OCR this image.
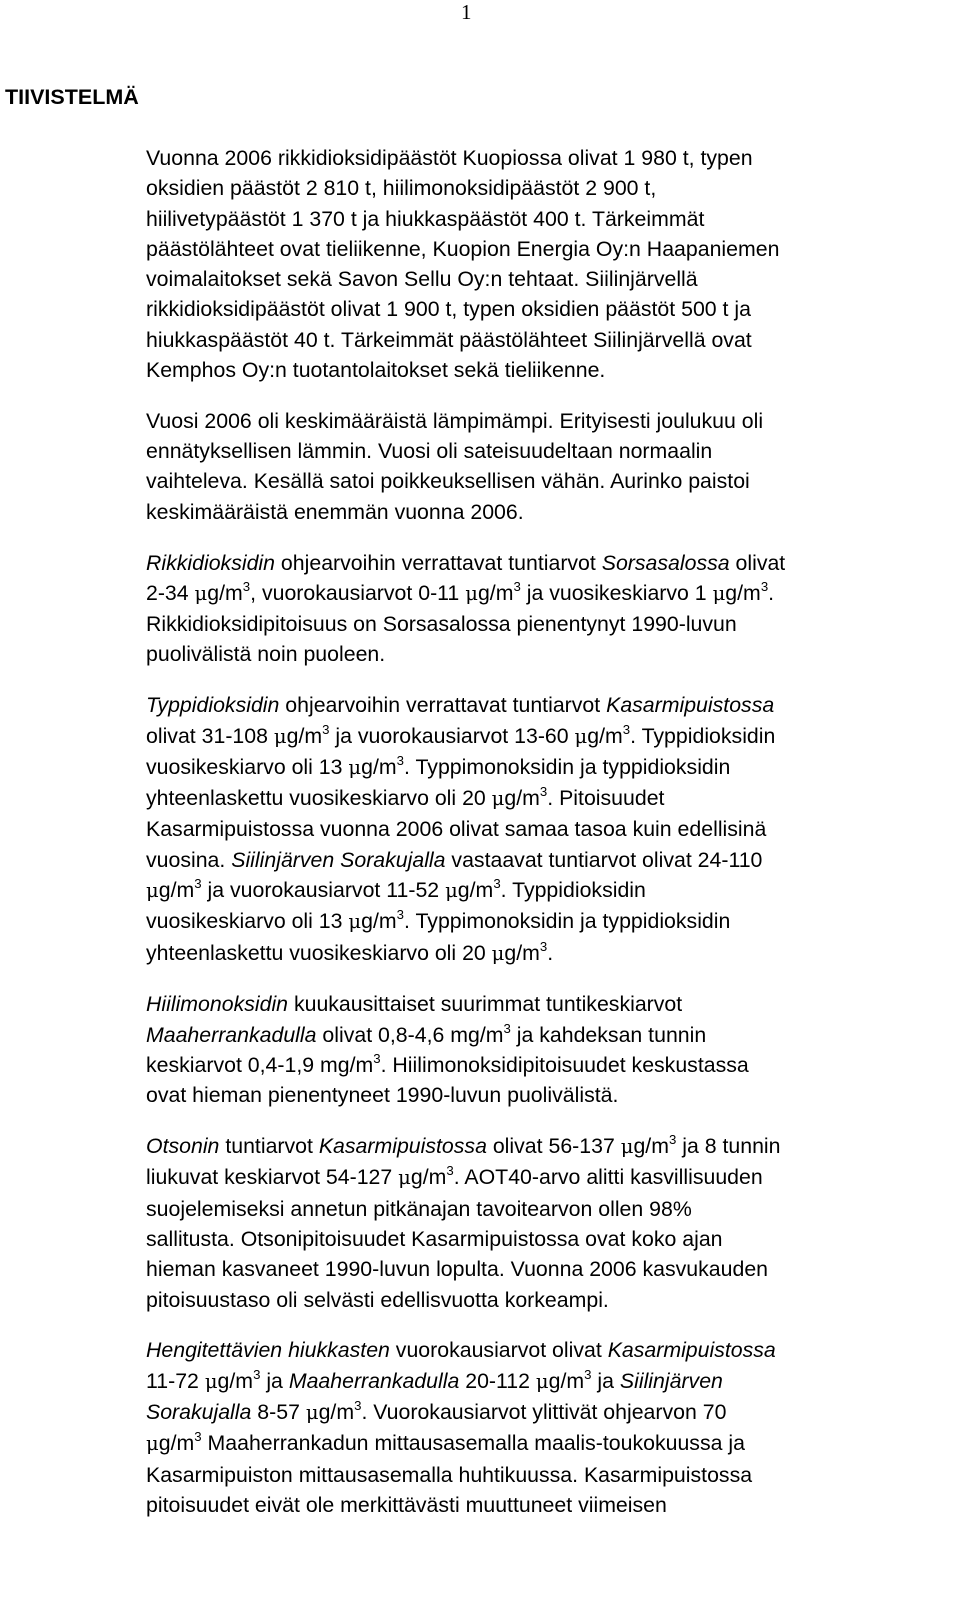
1
TIIVISTELMÄ

Vuonna 2006 rikkidioksidipäästöt Kuopiossa olivat 1 980 t, typen
oksidien päästöt 2 810 t, hiilimonoksidipäästöt 2 900 t,
hiilivetypäästöt 1 370 t ja hiukkaspäästöt 400 t. Tärkeimmät
päästölähteet ovat tieliikenne, Kuopion Energia Oy:n Haapaniemen
voimalaitokset sekä Savon Sellu Oy:n tehtaat. Siilinjärvellä
rikkidioksidipäästöt olivat 1 900 t, typen oksidien päästöt 500 t ja
hiukkaspäästöt 40 t. Tärkeimmät päästölähteet Siilinjärvellä ovat
Kemphos Oy:n tuotantolaitokset sekä tieliikenne.

Vuosi 2006 oli keskimääräistä lämpimämpi. Erityisesti joulukuu oli
ennätyksellisen lämmin. Vuosi oli sateisuudeltaan normaalin
vaihteleva. Kesällä satoi poikkeuksellisen vähän. Aurinko paistoi
keskimääräistä enemmän vuonna 2006.

Rikkidioksidin ohjearvoihin verrattavat tuntiarvot Sorsasalossa olivat
2-34 $\mu g/m^3$, vuorokausiarvot 0-11 $\mu g/m^3$ ja vuosikeskiarvo 1 $\mu g/m^3$.
Rikkidioksidipitoisuus on Sorsasalossa pienentynyt 1990-luvun
puolivälistä noin puoleen.

Typpidioksidin ohjearvoihin verrattavat tuntiarvot Kasarmipuistossa
olivat 31-108 $\mu g/m^3$ ja vuorokausiarvot 13-60 $\mu g/m^3$. Typpidioksidin
vuosikeskiarvo oli 13 $\mu g/m^3$. Typpimonoksidin ja typpidioksidin
yhteenlaskettu vuosikeskiarvo oli 20 $\mu g/m^3$. Pitoisuudet
Kasarmipuistossa vuonna 2006 olivat samaa tasoa kuin edellisinä
vuosina. Siilinjärven Sorakujalla vastaavat tuntiarvot olivat 24-110
$\mu g/m^3$ ja vuorokausiarvot 11-52 $\mu g/m^3$. Typpidioksidin
vuosikeskiarvo oli 13 $\mu g/m^3$. Typpimonoksidin ja typpidioksidin
yhteenlaskettu vuosikeskiarvo oli 20 $\mu g/m^3$.

Hiilimonoksidin kuukausittaiset suurimmat tuntikeskiarvot
Maaherrankadulla olivat 0,8-4,6 $mg/m^3$ ja kahdeksan tunnin
keskiarvot 0,4-1,9 $mg/m^3$. Hiilimonoksidipitoisuudet keskustassa
ovat hieman pienentyneet 1990-luvun puolivälistä.

Otsonin tuntiarvot Kasarmipuistossa olivat 56-137 $\mu g/m^3$ ja 8 tunnin
liukuvat keskiarvot 54-127 $\mu g/m^3$. AOT40-arvo alitti kasvillisuuden
suojelemiseksi annetun pitkänajan tavoitearvon ollen 98%
sallitusta. Otsonipitoisuudet Kasarmipuistossa ovat koko ajan
hieman kasvaneet 1990-luvun lopulta. Vuonna 2006 kasvukauden
pitoisuustaso oli selvästi edellisvuotta korkeampi.

Hengitettävien hiukkasten vuorokausiarvot olivat Kasarmipuistossa
11-72 $\mu g/m^3$ ja Maaherrankadulla 20-112 $\mu g/m^3$ ja Siilinjärven
Sorakujalla 8-57 $\mu g/m^3$. Vuorokausiarvot ylittivät ohjearvon 70
$\mu g/m^3$ Maaherrankadun mittausasemalla maalis-toukokuussa ja
Kasarmipuiston mittausasemalla huhtikuussa. Kasarmipuistossa
pitoisuudet eivät ole merkittävästi muuttuneet viimeisen
